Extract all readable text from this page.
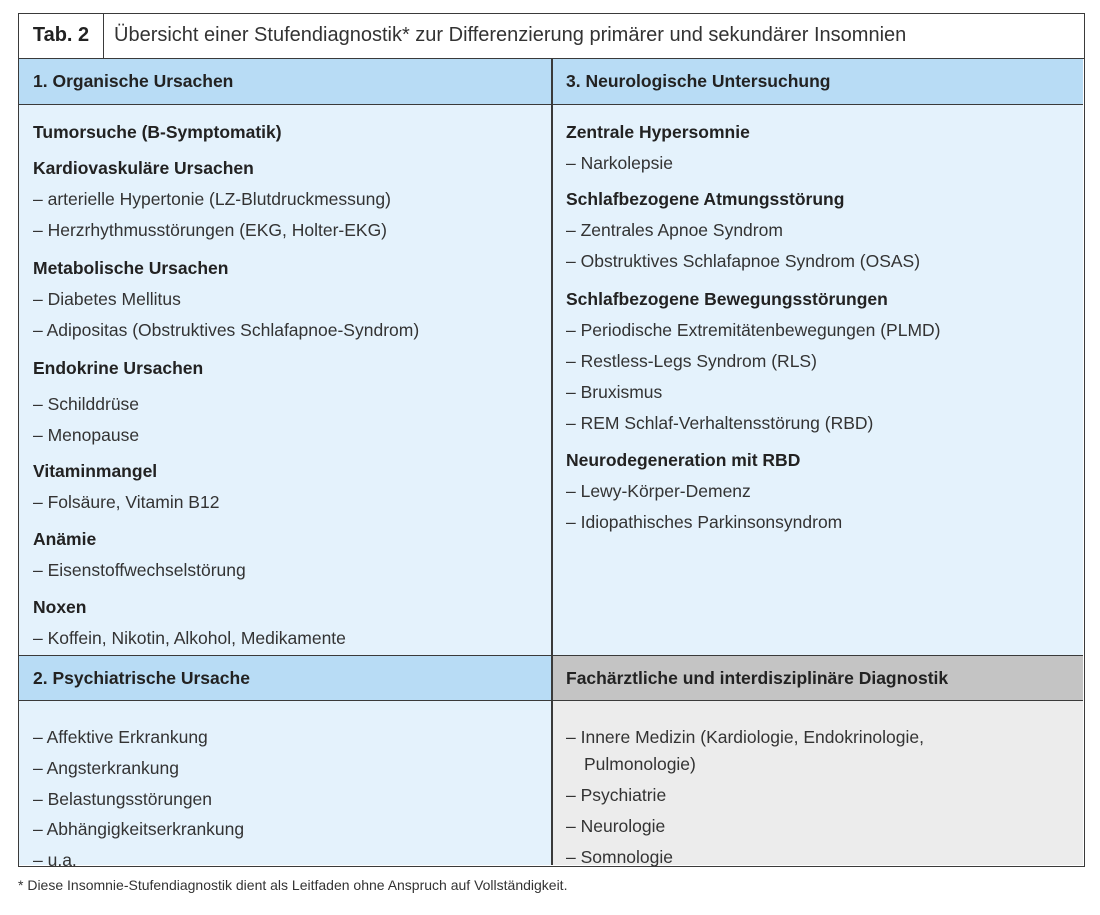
Tab. 2	Übersicht einer Stufendiagnostik* zur Differenzierung primärer und sekundärer Insomnien
1. Organische Ursachen
Tumorsuche (B-Symptomatik)
Kardiovaskuläre Ursachen
– arterielle Hypertonie (LZ-Blutdruckmessung)
– Herzrhythmusstörungen (EKG, Holter-EKG)
Metabolische Ursachen
– Diabetes Mellitus
– Adipositas (Obstruktives Schlafapnoe-Syndrom)
Endokrine Ursachen
– Schilddrüse
– Menopause
Vitaminmangel
– Folsäure, Vitamin B12
Anämie
– Eisenstoffwechselstörung
Noxen
– Koffein, Nikotin, Alkohol, Medikamente
3. Neurologische Untersuchung
Zentrale Hypersomnie
– Narkolepsie
Schlafbezogene Atmungsstörung
– Zentrales Apnoe Syndrom
– Obstruktives Schlafapnoe Syndrom (OSAS)
Schlafbezogene Bewegungsstörungen
– Periodische Extremitätenbewegungen (PLMD)
– Restless-Legs Syndrom (RLS)
– Bruxismus
– REM Schlaf-Verhaltensstörung (RBD)
Neurodegeneration mit RBD
– Lewy-Körper-Demenz
– Idiopathisches Parkinsonsyndrom
2. Psychiatrische Ursache
– Affektive Erkrankung
– Angsterkrankung
– Belastungsstörungen
– Abhängigkeitserkrankung
– u.a.
Fachärztliche und interdisziplinäre Diagnostik
– Innere Medizin (Kardiologie, Endokrinologie,
Pulmonologie)
– Psychiatrie
– Neurologie
– Somnologie
* Diese Insomnie-Stufendiagnostik dient als Leitfaden ohne Anspruch auf Vollständigkeit.
